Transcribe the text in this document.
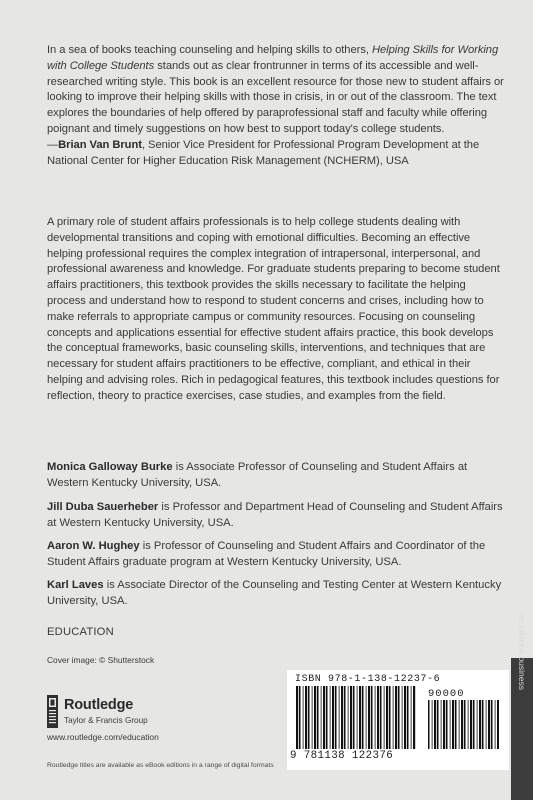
In a sea of books teaching counseling and helping skills to others, Helping Skills for Working with College Students stands out as clear frontrunner in terms of its accessible and well-researched writing style. This book is an excellent resource for those new to student affairs or looking to improve their helping skills with those in crisis, in or out of the classroom. The text explores the boundaries of help offered by paraprofessional staff and faculty while offering poignant and timely suggestions on how best to support today's college students.
—Brian Van Brunt, Senior Vice President for Professional Program Development at the National Center for Higher Education Risk Management (NCHERM), USA
A primary role of student affairs professionals is to help college students dealing with developmental transitions and coping with emotional difficulties. Becoming an effective helping professional requires the complex integration of intrapersonal, interpersonal, and professional awareness and knowledge. For graduate students preparing to become student affairs practitioners, this textbook provides the skills necessary to facilitate the helping process and understand how to respond to student concerns and crises, including how to make referrals to appropriate campus or community resources. Focusing on counseling concepts and applications essential for effective student affairs practice, this book develops the conceptual frameworks, basic counseling skills, interventions, and techniques that are necessary for student affairs practitioners to be effective, compliant, and ethical in their helping and advising roles. Rich in pedagogical features, this textbook includes questions for reflection, theory to practice exercises, case studies, and examples from the field.
Monica Galloway Burke is Associate Professor of Counseling and Student Affairs at Western Kentucky University, USA.
Jill Duba Sauerheber is Professor and Department Head of Counseling and Student Affairs at Western Kentucky University, USA.
Aaron W. Hughey is Professor of Counseling and Student Affairs and Coordinator of the Student Affairs graduate program at Western Kentucky University, USA.
Karl Laves is Associate Director of the Counseling and Testing Center at Western Kentucky University, USA.
EDUCATION
Cover image: © Shutterstock
Routledge
Taylor & Francis Group
www.routledge.com/education
Routledge titles are available as eBook editions in a range of digital formats
ISBN 978-1-138-12237-6
90000
9 781138 122376
an informa business
